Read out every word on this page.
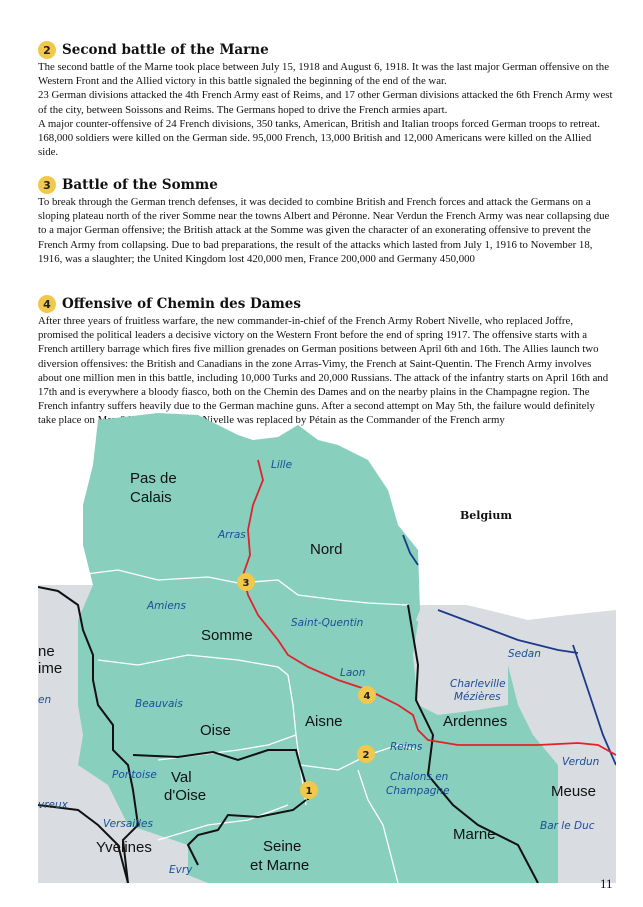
2 Second battle of the Marne

The second battle of the Marne took place between July 15, 1918 and August 6, 1918. It was the last major German offensive on the Western Front and the Allied victory in this battle signaled the beginning of the end of the war.

23 German divisions attacked the 4th French Army east of Reims, and 17 other German divisions attacked the 6th French Army west of the city, between Soissons and Reims. The Germans hoped to drive the French armies apart.

A major counter-offensive of 24 French divisions, 350 tanks, American, British and Italian troops forced German troops to retreat. 168,000 soldiers were killed on the German side. 95,000 French, 13,000 British and 12,000 Americans were killed on the Allied side.

3 Battle of the Somme

To break through the German trench defenses, it was decided to combine British and French forces and attack the Germans on a sloping plateau north of the river Somme near the towns Albert and Péronne. Near Verdun the French Army was near collapsing due to a major German offensive; the British attack at the Somme was given the character of an exonerating offensive to prevent the French Army from collapsing. Due to bad preparations, the result of the attacks which lasted from July 1, 1916 to November 18, 1916, was a slaughter; the United Kingdom lost 420,000 men, France 200,000 and Germany 450,000

4 Offensive of Chemin des Dames

After three years of fruitless warfare, the new commander-in-chief of the French Army Robert Nivelle, who replaced Joffre, promised the political leaders a decisive victory on the Western Front before the end of spring 1917. The offensive starts with a French artillery barrage which fires five million grenades on German positions between April 6th and 16th. The Allies launch two diversion offensives: the British and Canadians in the zone Arras-Vimy, the French at Saint-Quentin. The French Army involves about one million men in this battle, including 10,000 Turks and 20,000 Russians. The attack of the infantry starts on April 16th and 17th and is everywhere a bloody fiasco, both on the Chemin des Dames and on the nearby plains in the Champagne region. The French infantry suffers heavily due to the German machine guns. After a second attempt on May 5th, the failure would definitely take place on May 8th. On May 15th, Nivelle was replaced by Pétain as the Commander of the French army

Pas de
Calais
Nord
Somme
Oise
Aisne	Ardennes
Meuse
Marne
Val
d'Oise
Seine
et Marne
Yvelines
ne
ime
Lille
Arras
Amiens
Saint-Quentin
Laon
Sedan
Charleville
Mézières
Beauvais
Reims
Verdun
Chalons en
Champagne
Bar le Duc
Pontoise
Versailles
Evry
vreux
en
Belgium
1
2
3
4
11
